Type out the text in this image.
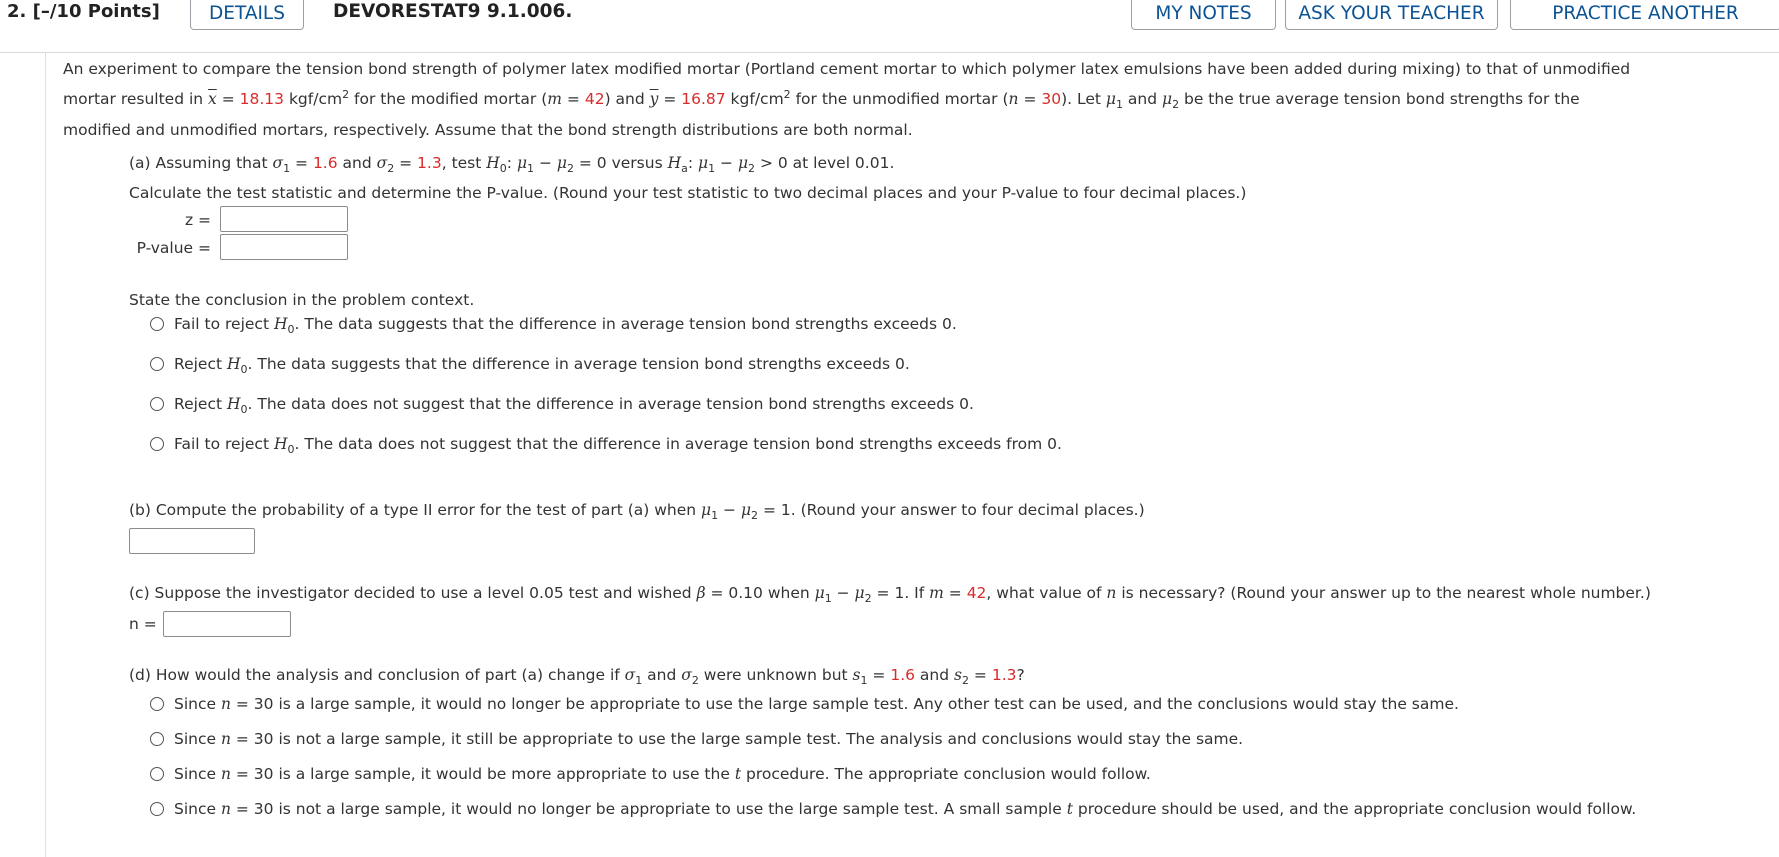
2. [–/10 Points]	DETAILS	DEVORESTAT9 9.1.006.	MY NOTES	ASK YOUR TEACHER	PRACTICE ANOTHER
An experiment to compare the tension bond strength of polymer latex modified mortar (Portland cement mortar to which polymer latex emulsions have been added during mixing) to that of unmodified
mortar resulted in $\overline{x} = 18.13$ kgf/$cm^2$ for the modified mortar (m = 42) and $\overline{y} = 16.87$ kgf/$cm^2$ for the unmodified mortar (n = 30). Let $\mu_1$ and $\mu_2$ be the true average tension bond strengths for the
modified and unmodified mortars, respectively. Assume that the bond strength distributions are both normal.
(a) Assuming that $\sigma_1 = 1.6$ and $\sigma_2 = 1.3$, test $H_0$: $\mu_1 - \mu_2 = 0$ versus $H_a$: $\mu_1 - \mu_2 > 0$ at level 0.01.
Calculate the test statistic and determine the P-value. (Round your test statistic to two decimal places and your P-value to four decimal places.)
z =
P-value =
State the conclusion in the problem context.
Fail to reject $H_0$. The data suggests that the difference in average tension bond strengths exceeds 0.
Reject $H_0$. The data suggests that the difference in average tension bond strengths exceeds 0.
Reject $H_0$. The data does not suggest that the difference in average tension bond strengths exceeds 0.
Fail to reject $H_0$. The data does not suggest that the difference in average tension bond strengths exceeds from 0.
(b) Compute the probability of a type II error for the test of part (a) when $\mu_1 - \mu_2 = 1$. (Round your answer to four decimal places.)
(c) Suppose the investigator decided to use a level 0.05 test and wished β = 0.10 when $\mu_1 - \mu_2 = 1$. If m = 42, what value of n is necessary? (Round your answer up to the nearest whole number.)
n =
(d) How would the analysis and conclusion of part (a) change if $\sigma_1$ and $\sigma_2$ were unknown but $s_1 = 1.6$ and $s_2 = 1.3$?
Since n = 30 is a large sample, it would no longer be appropriate to use the large sample test. Any other test can be used, and the conclusions would stay the same.
Since n = 30 is not a large sample, it still be appropriate to use the large sample test. The analysis and conclusions would stay the same.
Since n = 30 is a large sample, it would be more appropriate to use the t procedure. The appropriate conclusion would follow.
Since n = 30 is not a large sample, it would no longer be appropriate to use the large sample test. A small sample t procedure should be used, and the appropriate conclusion would follow.
